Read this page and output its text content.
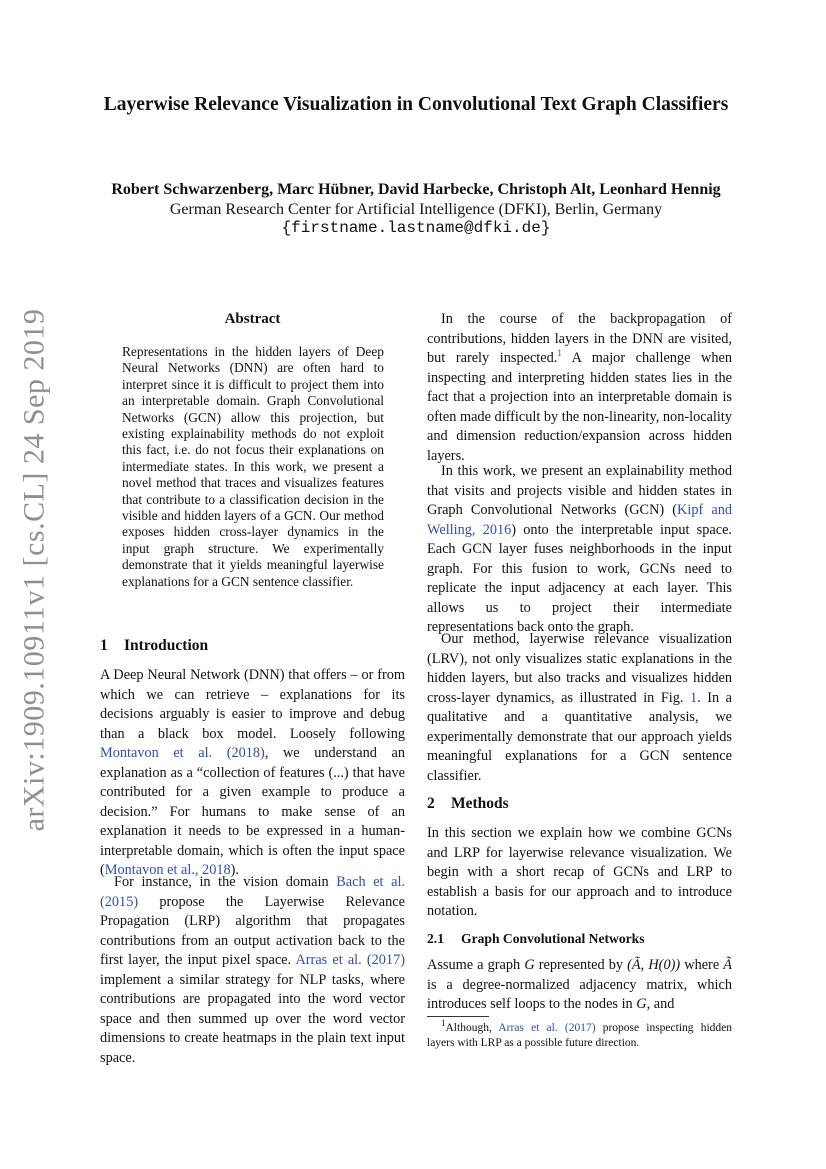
arXiv:1909.10911v1 [cs.CL] 24 Sep 2019
Layerwise Relevance Visualization in Convolutional Text Graph Classifiers
Robert Schwarzenberg, Marc Hübner, David Harbecke, Christoph Alt, Leonhard Hennig
German Research Center for Artificial Intelligence (DFKI), Berlin, Germany
{firstname.lastname@dfki.de}
Abstract
Representations in the hidden layers of Deep Neural Networks (DNN) are often hard to interpret since it is difficult to project them into an interpretable domain. Graph Convolutional Networks (GCN) allow this projection, but existing explainability methods do not exploit this fact, i.e. do not focus their explanations on intermediate states. In this work, we present a novel method that traces and visualizes features that contribute to a classification decision in the visible and hidden layers of a GCN. Our method exposes hidden cross-layer dynamics in the input graph structure. We experimentally demonstrate that it yields meaningful layerwise explanations for a GCN sentence classifier.
1 Introduction
A Deep Neural Network (DNN) that offers – or from which we can retrieve – explanations for its decisions arguably is easier to improve and debug than a black box model. Loosely following Montavon et al. (2018), we understand an explanation as a “collection of features (...) that have contributed for a given example to produce a decision.” For humans to make sense of an explanation it needs to be expressed in a human-interpretable domain, which is often the input space (Montavon et al., 2018).
For instance, in the vision domain Bach et al. (2015) propose the Layerwise Relevance Propagation (LRP) algorithm that propagates contributions from an output activation back to the first layer, the input pixel space. Arras et al. (2017) implement a similar strategy for NLP tasks, where contributions are propagated into the word vector space and then summed up over the word vector dimensions to create heatmaps in the plain text input space.
In the course of the backpropagation of contributions, hidden layers in the DNN are visited, but rarely inspected.$^1$ A major challenge when inspecting and interpreting hidden states lies in the fact that a projection into an interpretable domain is often made difficult by the non-linearity, non-locality and dimension reduction/expansion across hidden layers.
In this work, we present an explainability method that visits and projects visible and hidden states in Graph Convolutional Networks (GCN) (Kipf and Welling, 2016) onto the interpretable input space. Each GCN layer fuses neighborhoods in the input graph. For this fusion to work, GCNs need to replicate the input adjacency at each layer. This allows us to project their intermediate representations back onto the graph.
Our method, layerwise relevance visualization (LRV), not only visualizes static explanations in the hidden layers, but also tracks and visualizes hidden cross-layer dynamics, as illustrated in Fig. 1. In a qualitative and a quantitative analysis, we experimentally demonstrate that our approach yields meaningful explanations for a GCN sentence classifier.
2 Methods
In this section we explain how we combine GCNs and LRP for layerwise relevance visualization. We begin with a short recap of GCNs and LRP to establish a basis for our approach and to introduce notation.
2.1 Graph Convolutional Networks
Assume a graph G represented by (Ã, H(0)) where Ã is a degree-normalized adjacency matrix, which introduces self loops to the nodes in G, and
$^1$Although, Arras et al. (2017) propose inspecting hidden layers with LRP as a possible future direction.
